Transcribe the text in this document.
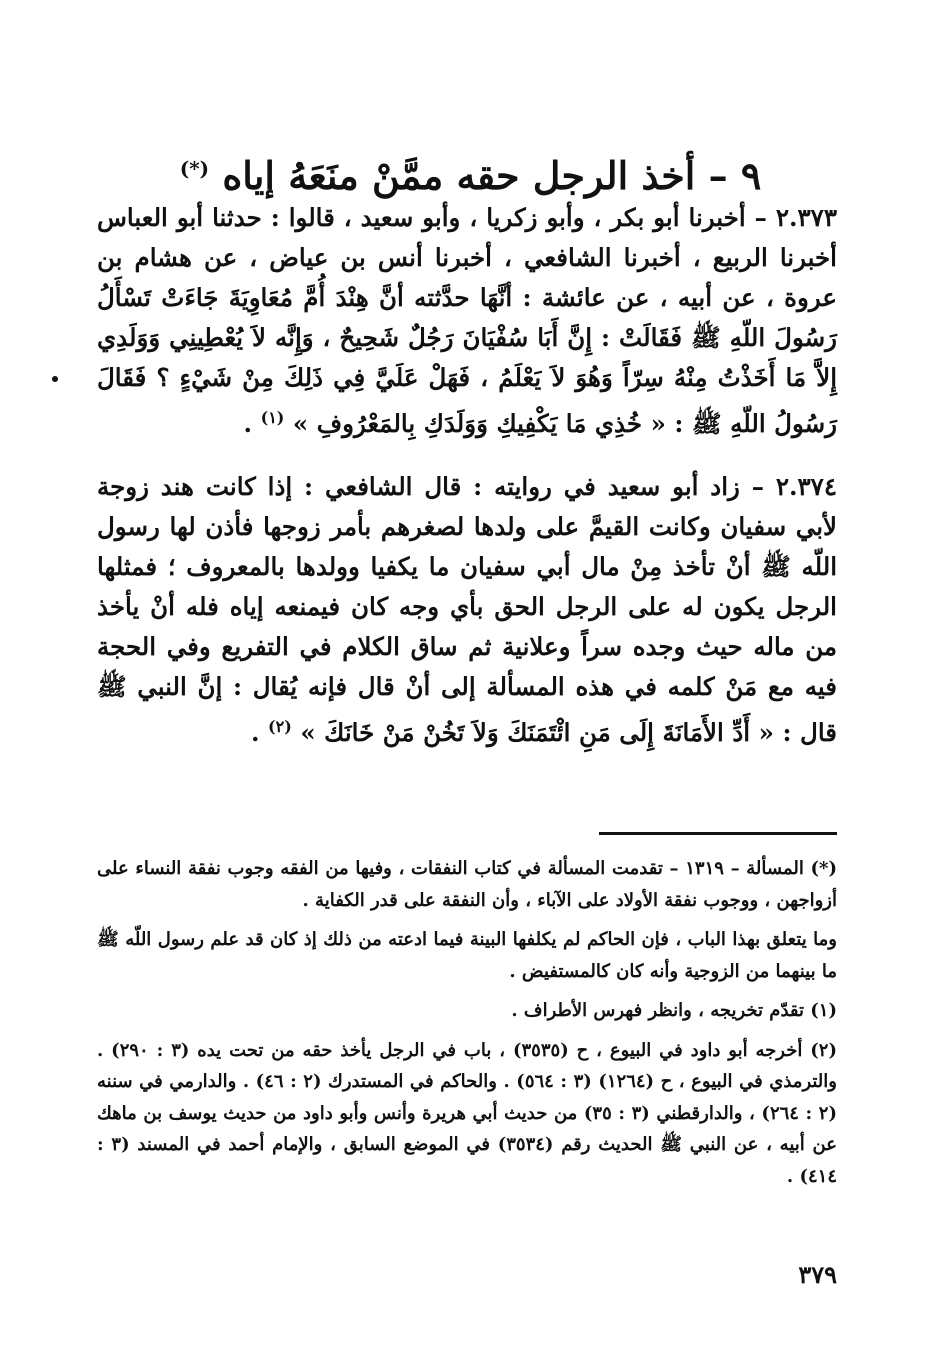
٩ – أخذ الرجل حقه ممَّنْ منَعَهُ إياه (*)

٢.٣٧٣ – أخبرنا أبو بكر ، وأبو زكريا ، وأبو سعيد ، قالوا : حدثنا أبو العباس أخبرنا الربيع ، أخبرنا الشافعي ، أخبرنا أنس بن عياض ، عن هشام بن عروة ، عن أبيه ، عن عائشة : أنَّهَا حدَّثته أنَّ هِنْدَ أُمَّ مُعَاوِيَةَ جَاءَتْ تَسْأَلُ رَسُولَ اللّهِ ﷺ فَقَالَتْ : إِنَّ أَبَا سُفْيَانَ رَجُلٌ شَحِيحٌ ، وَإِنَّه لاَ يُعْطِينِي وَوَلَدِي إِلاَّ مَا أَخَذْتُ مِنْهُ سِرّاً وَهُوَ لاَ يَعْلَمُ ، فَهَلْ عَلَيَّ فِي ذَلِكَ مِنْ شَيْءٍ ؟ فَقَالَ رَسُولُ اللّهِ ﷺ : « خُذِي مَا يَكْفِيكِ وَوَلَدَكِ بِالمَعْرُوفِ » $^{(١)}$ .

٢.٣٧٤ – زاد أبو سعيد في روايته : قال الشافعي : إذا كانت هند زوجة لأبي سفيان وكانت القيمَّ على ولدها لصغرهم بأمر زوجها فأذن لها رسول اللّه ﷺ أنْ تأخذ مِنْ مال أبي سفيان ما يكفيا وولدها بالمعروف ؛ فمثلها الرجل يكون له على الرجل الحق بأي وجه كان فيمنعه إياه فله أنْ يأخذ من ماله حيث وجده سراً وعلانية ثم ساق الكلام في التفريع وفي الحجة فيه مع مَنْ كلمه في هذه المسألة إلى أنْ قال فإنه يُقال : إنَّ النبي ﷺ قال : « أَدِّ الأَمَانَةَ إِلَى مَنِ ائْتَمَنَكَ وَلاَ تَخُنْ مَنْ خَانَكَ » $^{(٢)}$ .

(*) المسألة – ١٣١٩ – تقدمت المسألة في كتاب النفقات ، وفيها من الفقه وجوب نفقة النساء على أزواجهن ، ووجوب نفقة الأولاد على الآباء ، وأن النفقة على قدر الكفاية .

وما يتعلق بهذا الباب ، فإن الحاكم لم يكلفها البينة فيما ادعته من ذلك إذ كان قد علم رسول اللّه ﷺ ما بينهما من الزوجية وأنه كان كالمستفيض .

(١) تقدّم تخريجه ، وانظر فهرس الأطراف .

(٢) أخرجه أبو داود في البيوع ، ح (٣٥٣٥) ، باب في الرجل يأخذ حقه من تحت يده (٣ : ٢٩٠) . والترمذي في البيوع ، ح (١٢٦٤) (٣ : ٥٦٤) . والحاكم في المستدرك (٢ : ٤٦) . والدارمي في سننه (٢ : ٢٦٤) ، والدارقطني (٣ : ٣٥) من حديث أبي هريرة وأنس وأبو داود من حديث يوسف بن ماهك عن أبيه ، عن النبي ﷺ الحديث رقم (٣٥٣٤) في الموضع السابق ، والإمام أحمد في المسند (٣ : ٤١٤) .

٣٧٩
